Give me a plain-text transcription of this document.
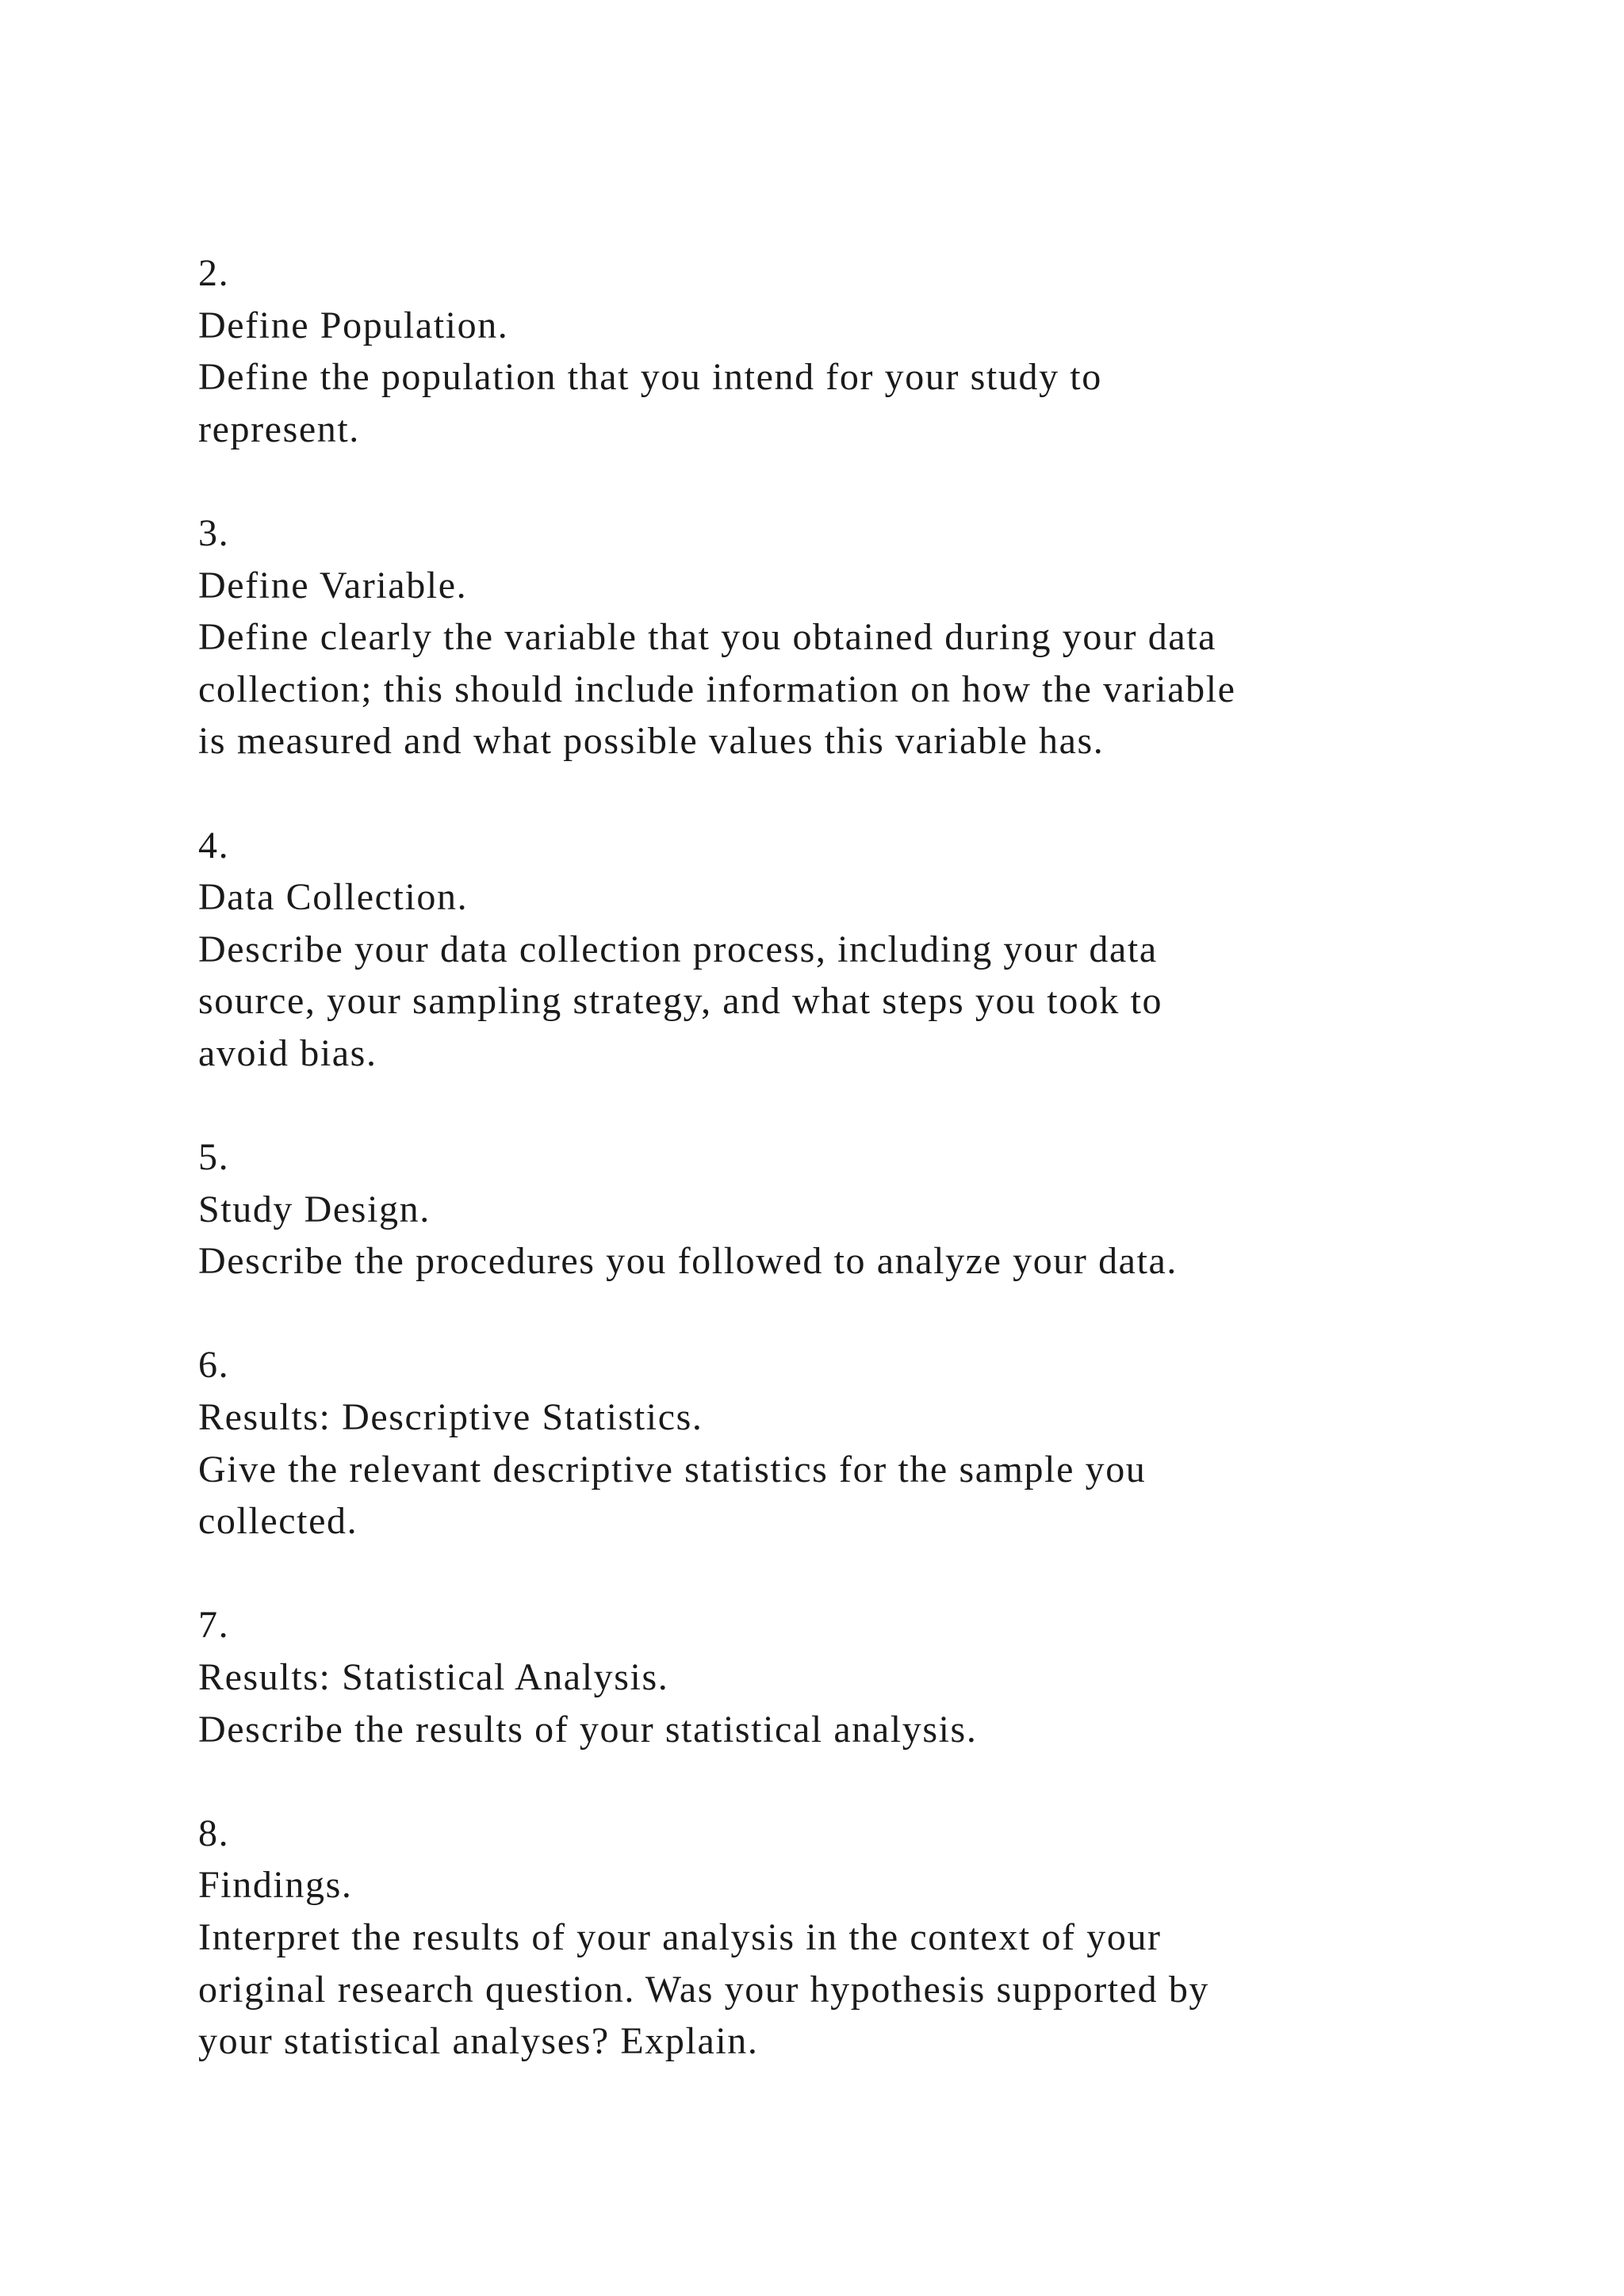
2.
Define Population.
Define the population that you intend for your study to
represent.
3.
Define Variable.
Define clearly the variable that you obtained during your data
collection; this should include information on how the variable
is measured and what possible values this variable has.
4.
Data Collection.
Describe your data collection process, including your data
source, your sampling strategy, and what steps you took to
avoid bias.
5.
Study Design.
Describe the procedures you followed to analyze your data.
6.
Results: Descriptive Statistics.
Give the relevant descriptive statistics for the sample you
collected.
7.
Results: Statistical Analysis.
Describe the results of your statistical analysis.
8.
Findings.
Interpret the results of your analysis in the context of your
original research question. Was your hypothesis supported by
your statistical analyses? Explain.
